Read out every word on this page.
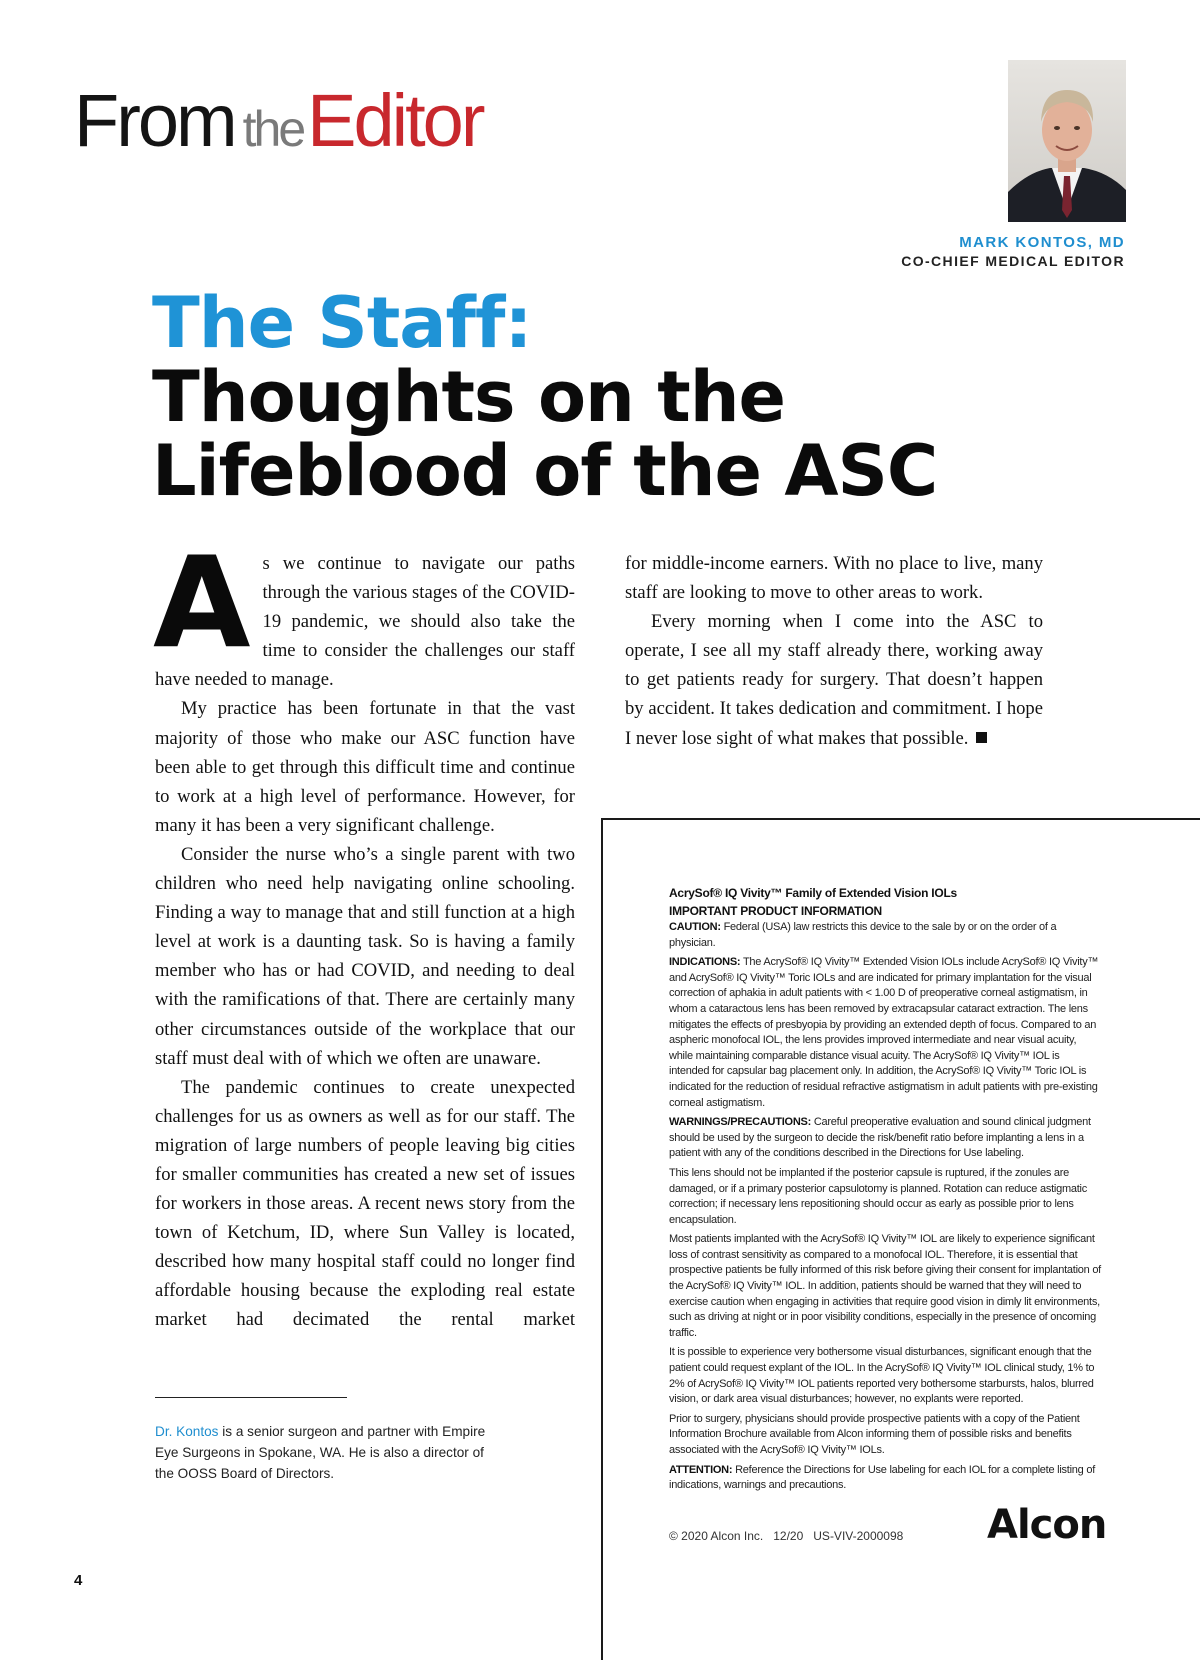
From theEditor
MARK KONTOS, MD
CO-CHIEF MEDICAL EDITOR
The Staff:
Thoughts on the
Lifeblood of the ASC

As we continue to navigate our paths through the various stages of the COVID-19 pandemic, we should also take the time to consider the challenges our staff have needed to manage.

My practice has been fortunate in that the vast majority of those who make our ASC function have been able to get through this difficult time and continue to work at a high level of performance. However, for many it has been a very significant challenge.

Consider the nurse who’s a single parent with two children who need help navigating online schooling. Finding a way to manage that and still function at a high level at work is a daunting task. So is having a family member who has or had COVID, and needing to deal with the ramifications of that. There are certainly many other circumstances outside of the workplace that our staff must deal with of which we often are unaware.

The pandemic continues to create unexpected challenges for us as owners as well as for our staff. The migration of large numbers of people leaving big cities for smaller communities has created a new set of issues for workers in those areas. A recent news story from the town of Ketchum, ID, where Sun Valley is located, described how many hospital staff could no longer find affordable housing because the exploding real estate market had decimated the rental market

for middle-income earners. With no place to live, many staff are looking to move to other areas to work.

Every morning when I come into the ASC to operate, I see all my staff already there, working away to get patients ready for surgery. That doesn’t happen by accident. It takes dedication and commitment. I hope I never lose sight of what makes that possible.

Dr. Kontos is a senior surgeon and partner with Empire Eye Surgeons in Spokane, WA. He is also a director of the OOSS Board of Directors.
4
AcrySof® IQ Vivity™ Family of Extended Vision IOLs
IMPORTANT PRODUCT INFORMATION

CAUTION: Federal (USA) law restricts this device to the sale by or on the order of a physician.

INDICATIONS: The AcrySof® IQ Vivity™ Extended Vision IOLs include AcrySof® IQ Vivity™ and AcrySof® IQ Vivity™ Toric IOLs and are indicated for primary implantation for the visual correction of aphakia in adult patients with < 1.00 D of preoperative corneal astigmatism, in whom a cataractous lens has been removed by extracapsular cataract extraction. The lens mitigates the effects of presbyopia by providing an extended depth of focus. Compared to an aspheric monofocal IOL, the lens provides improved intermediate and near visual acuity, while maintaining comparable distance visual acuity. The AcrySof® IQ Vivity™ IOL is intended for capsular bag placement only. In addition, the AcrySof® IQ Vivity™ Toric IOL is indicated for the reduction of residual refractive astigmatism in adult patients with pre-existing corneal astigmatism.

WARNINGS/PRECAUTIONS: Careful preoperative evaluation and sound clinical judgment should be used by the surgeon to decide the risk/benefit ratio before implanting a lens in a patient with any of the conditions described in the Directions for Use labeling.

This lens should not be implanted if the posterior capsule is ruptured, if the zonules are damaged, or if a primary posterior capsulotomy is planned. Rotation can reduce astigmatic correction; if necessary lens repositioning should occur as early as possible prior to lens encapsulation.

Most patients implanted with the AcrySof® IQ Vivity™ IOL are likely to experience significant loss of contrast sensitivity as compared to a monofocal IOL. Therefore, it is essential that prospective patients be fully informed of this risk before giving their consent for implantation of the AcrySof® IQ Vivity™ IOL. In addition, patients should be warned that they will need to exercise caution when engaging in activities that require good vision in dimly lit environments, such as driving at night or in poor visibility conditions, especially in the presence of oncoming traffic.

It is possible to experience very bothersome visual disturbances, significant enough that the patient could request explant of the IOL. In the AcrySof® IQ Vivity™ IOL clinical study, 1% to 2% of AcrySof® IQ Vivity™ IOL patients reported very bothersome starbursts, halos, blurred vision, or dark area visual disturbances; however, no explants were reported.

Prior to surgery, physicians should provide prospective patients with a copy of the Patient Information Brochure available from Alcon informing them of possible risks and benefits associated with the AcrySof® IQ Vivity™ IOLs.

ATTENTION: Reference the Directions for Use labeling for each IOL for a complete listing of indications, warnings and precautions.

© 2020 Alcon Inc.   12/20   US-VIV-2000098 Alcon
